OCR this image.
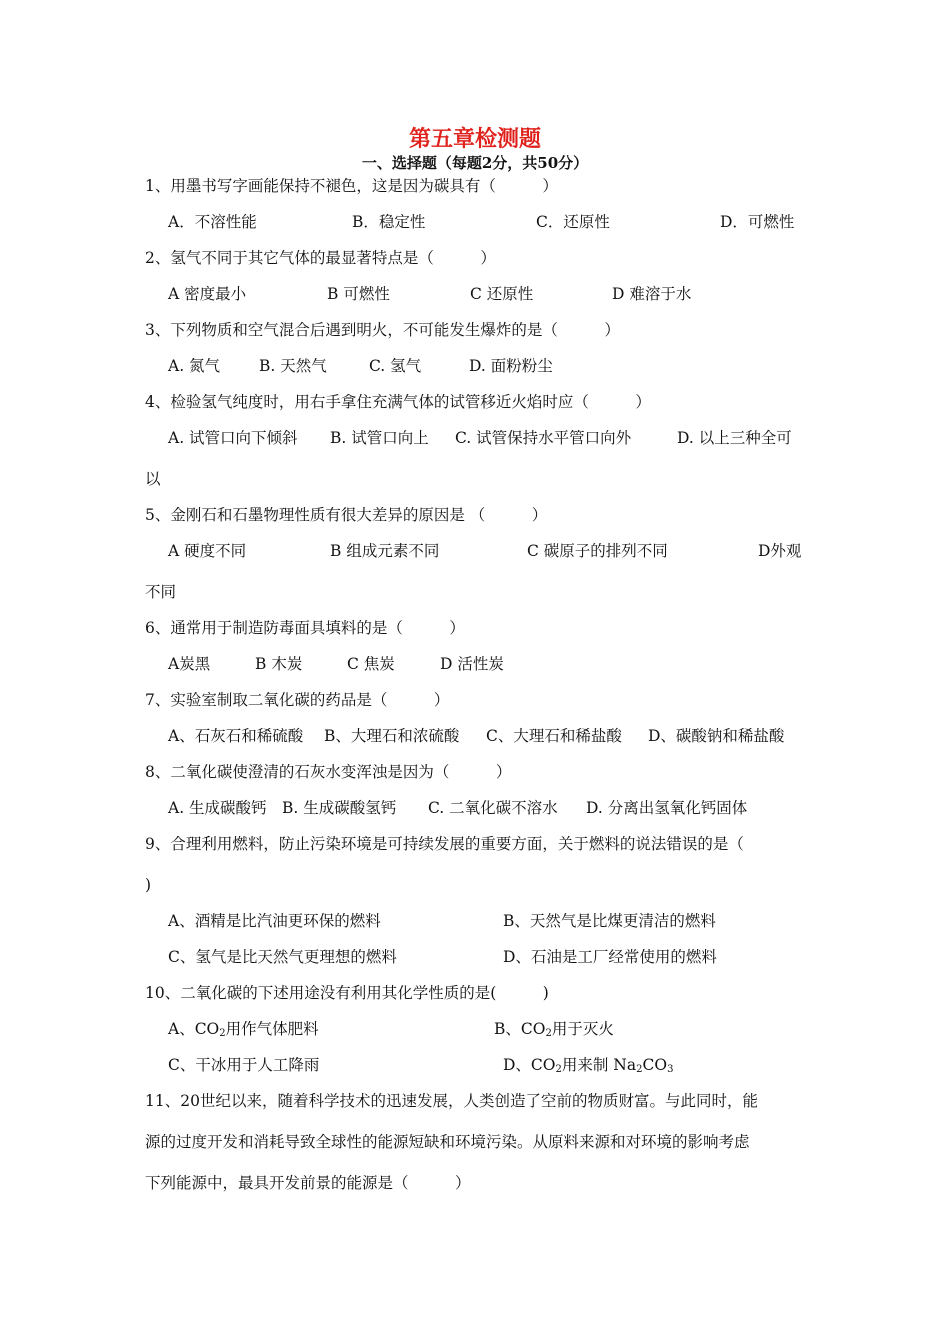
第五章检测题
一、选择题（每题2分，共50分）
1、用墨书写字画能保持不褪色，这是因为碳具有（　　　）
A．不溶性能	B．稳定性	C．还原性	D．可燃性
2、氢气不同于其它气体的最显著特点是（　　　）
A 密度最小	B 可燃性	C 还原性	D 难溶于水
3、下列物质和空气混合后遇到明火，不可能发生爆炸的是（　　　）
A. 氮气	B. 天然气	C. 氢气	D. 面粉粉尘
4、检验氢气纯度时，用右手拿住充满气体的试管移近火焰时应（　　　）
A. 试管口向下倾斜 B. 试管口向上 C. 试管保持水平管口向外	D. 以上三种全可
以
5、金刚石和石墨物理性质有很大差异的原因是 （　　　）
A 硬度不同	B 组成元素不同	C 碳原子的排列不同	D外观
不同
6、通常用于制造防毒面具填料的是（　　　）
A炭黑	B 木炭	C 焦炭	D 活性炭
7、实验室制取二氧化碳的药品是（　　　）
A、石灰石和稀硫酸 B、大理石和浓硫酸 C、大理石和稀盐酸 D、碳酸钠和稀盐酸
8、二氧化碳使澄清的石灰水变浑浊是因为（　　　）
A. 生成碳酸钙 B. 生成碳酸氢钙 C. 二氧化碳不溶水 D. 分离出氢氧化钙固体
9、合理利用燃料，防止污染环境是可持续发展的重要方面，关于燃料的说法错误的是（
)
A、酒精是比汽油更环保的燃料	B、天然气是比煤更清洁的燃料
C、氢气是比天然气更理想的燃料	D、石油是工厂经常使用的燃料
10、二氧化碳的下述用途没有利用其化学性质的是(　　　)
A、$CO_2$用作气体肥料	B、$CO_2$用于灭火
C、干冰用于人工降雨	D、$CO_2$用来制 $Na_2CO_3$
11、20世纪以来，随着科学技术的迅速发展，人类创造了空前的物质财富。与此同时，能
源的过度开发和消耗导致全球性的能源短缺和环境污染。从原料来源和对环境的影响考虑
下列能源中，最具开发前景的能源是（　　　）
